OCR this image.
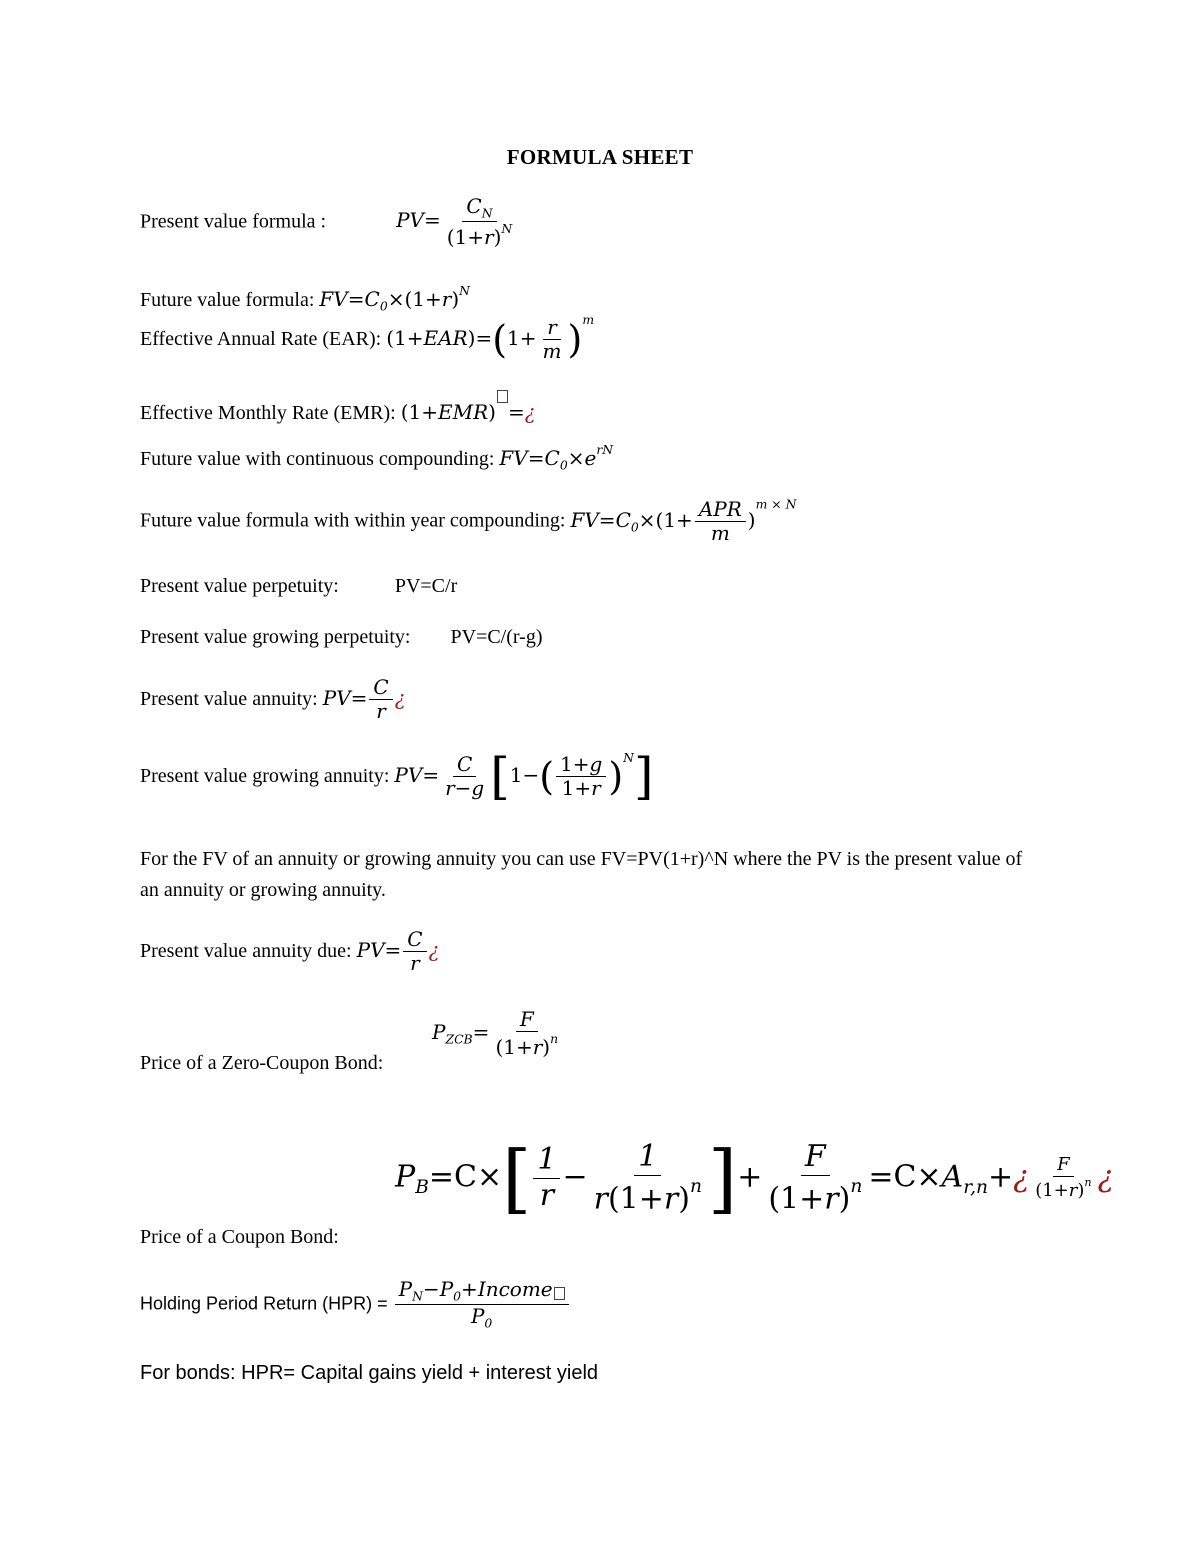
FORMULA SHEET
Present value formula :	$PV= \frac{C_N}{(1+r)^N}$
Future value formula: $FV=C_0\times(1+r)^N$
Effective Annual Rate (EAR): $(1+EAR)=(1+ \frac{r}{m} )^m$
Effective Monthly Rate (EMR): (1+EMR) =¿
Future value with continuous compounding: $FV=C_0\times e^{rN}$
Future value formula with within year compounding: $FV=C_0\times(1+ \frac{\text{APR}}{m} )^{m \times N}$
Present value perpetuity:	PV=C/r
Present value growing perpetuity: PV=C/(r-g)
Present value annuity: $PV= \frac{C}{r}$ ¿
Present value growing annuity: $PV= \frac{C}{r-g} [1-( \frac{1+g}{1+r} )^N]$
For the FV of an annuity or growing annuity you can use FV=PV(1+r)^N where the PV is the present value of an annuity or growing annuity.
Present value annuity due: $PV= \frac{C}{r}$ ¿
Price of a Zero-Coupon Bond:
$P_{ZCB}= \frac{F}{(1+r)^n}$
Price of a Coupon Bond:
$P_B=C\times[ \frac{1}{r} - \frac{1}{r(1+r)^n}$ ]+ $\frac{F}{(1+r)^n}$ $=C\times A_{r,n}+¿ \frac{F}{(1+r)^n}$ ¿
Holding Period Return $(HPR) = \frac{P_N-P_0+Income}{P_0}$
For bonds: HPR= Capital gains yield + interest yield
